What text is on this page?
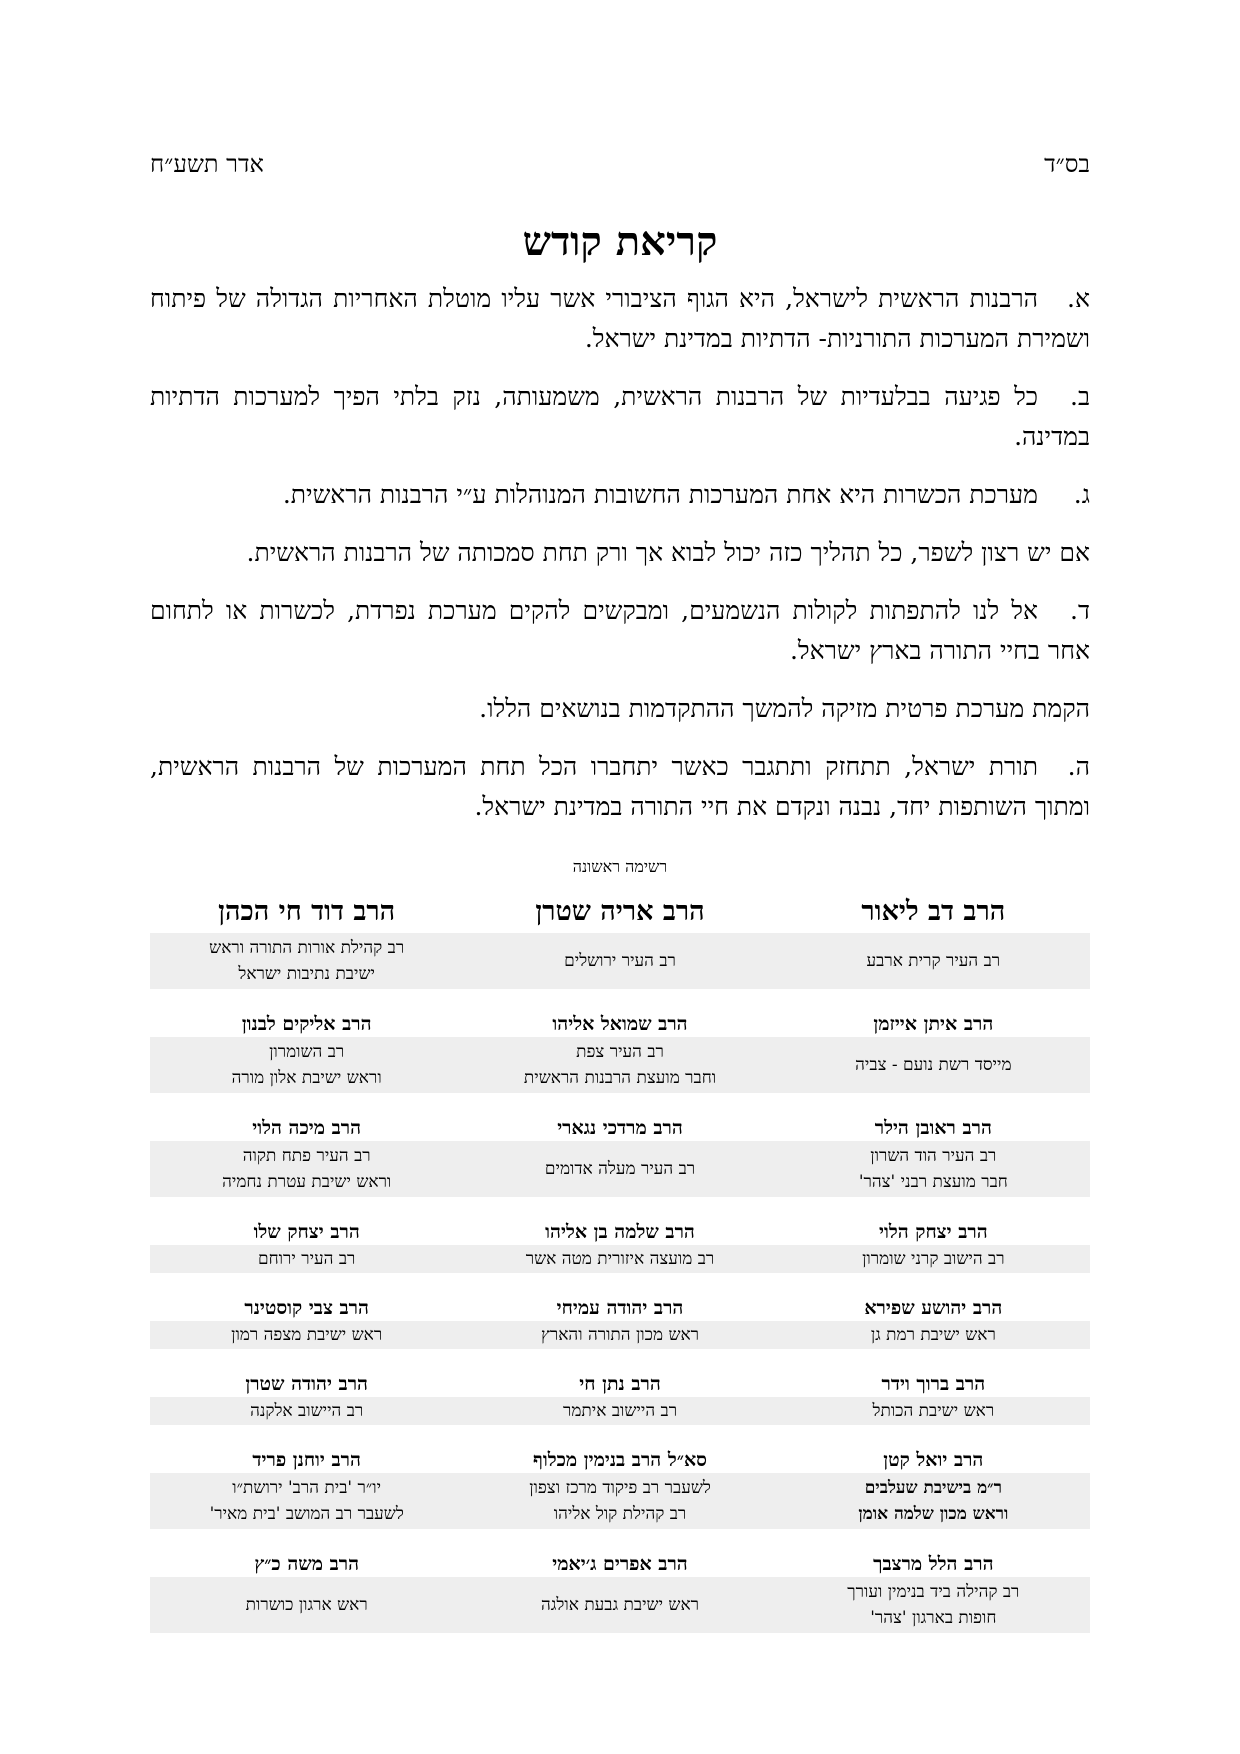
בס״ד
אדר תשע״ח
קריאת קודש

א.הרבנות הראשית לישראל, היא הגוף הציבורי אשר עליו מוטלת האחריות הגדולה של פיתוח ושמירת המערכות התורניות- הדתיות במדינת ישראל.

ב.כל פגיעה בבלעדיות של הרבנות הראשית, משמעותה, נזק בלתי הפיך למערכות הדתיות במדינה.

ג.מערכת הכשרות היא אחת המערכות החשובות המנוהלות ע״י הרבנות הראשית.

אם יש רצון לשפר, כל תהליך כזה יכול לבוא אך ורק תחת סמכותה של הרבנות הראשית.

ד.אל לנו להתפתות לקולות הנשמעים, ומבקשים להקים מערכת נפרדת, לכשרות או לתחום אחר בחיי התורה בארץ ישראל.

הקמת מערכת פרטית מזיקה להמשך ההתקדמות בנושאים הללו.

ה.תורת ישראל, תתחזק ותתגבר כאשר יתחברו הכל תחת המערכות של הרבנות הראשית, ומתוך השותפות יחד, נבנה ונקדם את חיי התורה במדינת ישראל.

רשימה ראשונה
הרב דב ליאור
הרב אריה שטרן
הרב דוד חי הכהן
רב העיר קרית ארבע
רב העיר ירושלים
רב קהילת אורות התורה וראש
ישיבת נתיבות ישראל
הרב איתן אייזמן
הרב שמואל אליהו
הרב אליקים לבנון
מייסד רשת נועם - צביה
רב העיר צפת
וחבר מועצת הרבנות הראשית
רב השומרון
וראש ישיבת אלון מורה
הרב ראובן הילר
הרב מרדכי נגארי
הרב מיכה הלוי
רב העיר הוד השרון
חבר מועצת רבני 'צהר'
רב העיר מעלה אדומים
רב העיר פתח תקוה
וראש ישיבת עטרת נחמיה
הרב יצחק הלוי
הרב שלמה בן אליהו
הרב יצחק שלו
רב הישוב קרני שומרון
רב מועצה איזורית מטה אשר
רב העיר ירוחם
הרב יהושע שפירא
הרב יהודה עמיחי
הרב צבי קוסטינר
ראש ישיבת רמת גן
ראש מכון התורה והארץ
ראש ישיבת מצפה רמון
הרב ברוך וידר
הרב נתן חי
הרב יהודה שטרן
ראש ישיבת הכותל
רב היישוב איתמר
רב היישוב אלקנה
הרב יואל קטן
סא״ל הרב בנימין מכלוף
הרב יוחנן פריד
ר״מ בישיבת שעלבים
וראש מכון שלמה אומן
לשעבר רב פיקוד מרכז וצפון
רב קהילת קול אליהו
יו״ר 'בית הרב' ירושת״ו
לשעבר רב המושב 'בית מאיר'
הרב הלל מרצבך
הרב אפרים ג׳יאמי
הרב משה כ״ץ
רב קהילה ביד בנימין ועורך
חופות בארגון 'צהר'
ראש ישיבת גבעת אולגה
ראש ארגון כושרות
